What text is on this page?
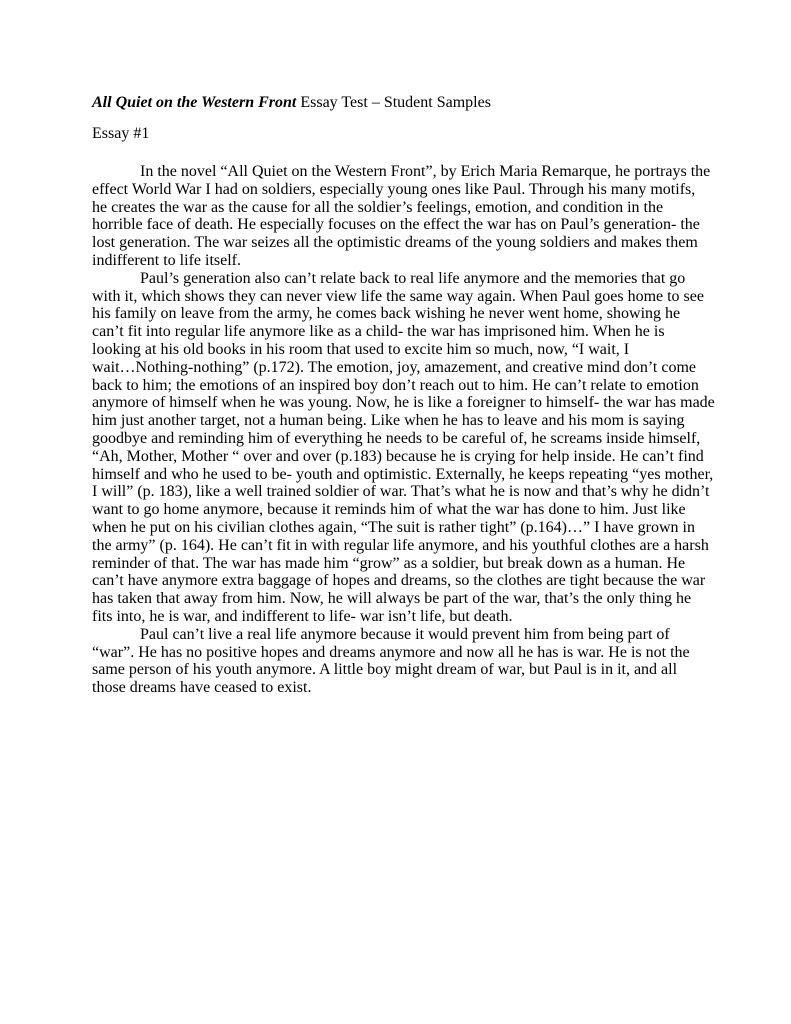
All Quiet on the Western Front Essay Test – Student Samples
Essay #1
In the novel “All Quiet on the Western Front”, by Erich Maria Remarque, he portrays the
effect World War I had on soldiers, especially young ones like Paul. Through his many motifs,
he creates the war as the cause for all the soldier’s feelings, emotion, and condition in the
horrible face of death. He especially focuses on the effect the war has on Paul’s generation- the
lost generation. The war seizes all the optimistic dreams of the young soldiers and makes them
indifferent to life itself.
Paul’s generation also can’t relate back to real life anymore and the memories that go
with it, which shows they can never view life the same way again. When Paul goes home to see
his family on leave from the army, he comes back wishing he never went home, showing he
can’t fit into regular life anymore like as a child- the war has imprisoned him. When he is
looking at his old books in his room that used to excite him so much, now, “I wait, I
wait…Nothing-nothing” (p.172). The emotion, joy, amazement, and creative mind don’t come
back to him; the emotions of an inspired boy don’t reach out to him. He can’t relate to emotion
anymore of himself when he was young. Now, he is like a foreigner to himself- the war has made
him just another target, not a human being. Like when he has to leave and his mom is saying
goodbye and reminding him of everything he needs to be careful of, he screams inside himself,
“Ah, Mother, Mother “ over and over (p.183) because he is crying for help inside. He can’t find
himself and who he used to be- youth and optimistic. Externally, he keeps repeating “yes mother,
I will” (p. 183), like a well trained soldier of war. That’s what he is now and that’s why he didn’t
want to go home anymore, because it reminds him of what the war has done to him. Just like
when he put on his civilian clothes again, “The suit is rather tight” (p.164)…” I have grown in
the army” (p. 164). He can’t fit in with regular life anymore, and his youthful clothes are a harsh
reminder of that. The war has made him “grow” as a soldier, but break down as a human. He
can’t have anymore extra baggage of hopes and dreams, so the clothes are tight because the war
has taken that away from him. Now, he will always be part of the war, that’s the only thing he
fits into, he is war, and indifferent to life- war isn’t life, but death.
Paul can’t live a real life anymore because it would prevent him from being part of
“war”. He has no positive hopes and dreams anymore and now all he has is war. He is not the
same person of his youth anymore. A little boy might dream of war, but Paul is in it, and all
those dreams have ceased to exist.
